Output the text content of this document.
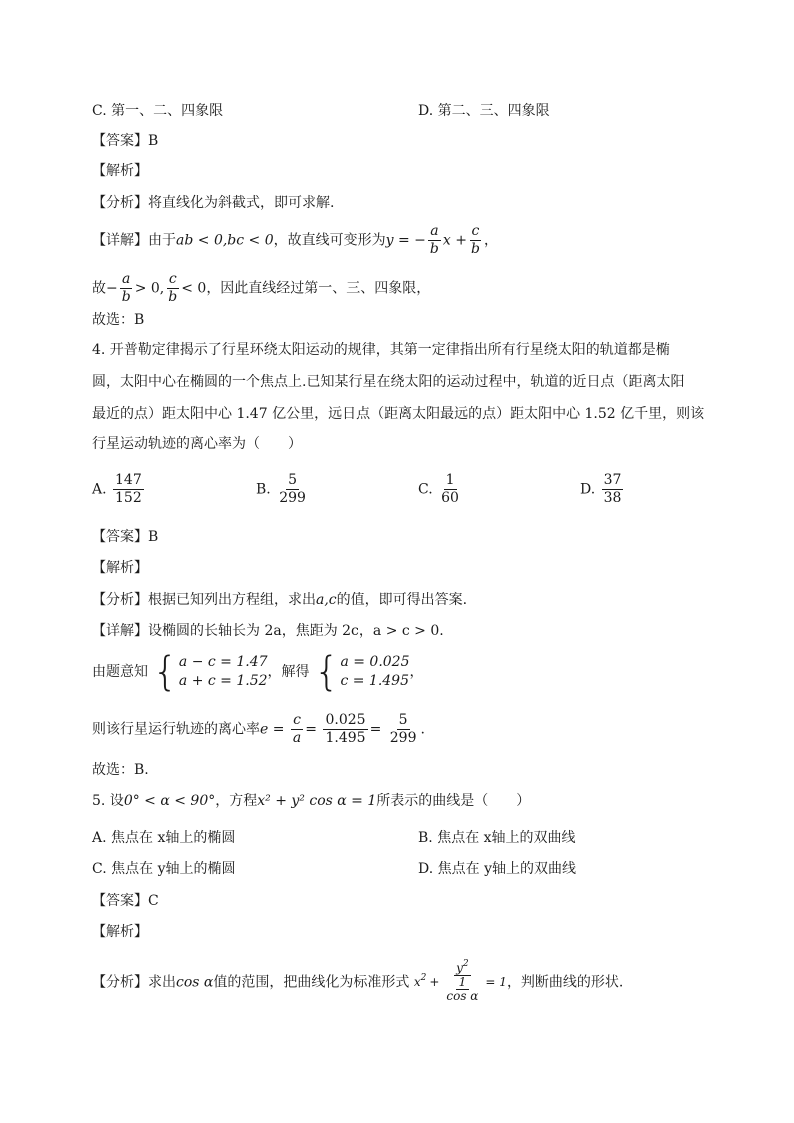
C. 第一、二、四象限	D. 第二、三、四象限
【答案】B
【解析】
【分析】将直线化为斜截式，即可求解.
【详解】由于ab < 0,bc < 0，故直线可变形为y = − $\frac{a}{b}$ $x + \frac{c}{b}$ ，
故− $\frac{a}{b} > 0$, $\frac{c}{b} < 0$，因此直线经过第一、三、四象限，
故选：B
4. 开普勒定律揭示了行星环绕太阳运动的规律，其第一定律指出所有行星绕太阳的轨道都是椭
圆，太阳中心在椭圆的一个焦点上.已知某行星在绕太阳的运动过程中，轨道的近日点（距离太阳
最近的点）距太阳中心 1.47 亿公里，远日点（距离太阳最远的点）距太阳中心 1.52 亿千里，则该
行星运动轨迹的离心率为（　　）
A. $\frac{147}{152}$	B. $\frac{5}{299}$	C. $\frac{1}{60}$	D. $\frac{37}{38}$
【答案】B
【解析】
【分析】根据已知列出方程组，求出a,c的值，即可得出答案.
【详解】设椭圆的长轴长为 2a，焦距为 2c，a > c > 0.
由题意知 { a − c = 1.47
a + c = 1.52
，解得 { a = 0.025
c = 1.495
，
则该行星运行轨迹的离心率$e = \frac{c}{a} = \frac{0.025}{1.495} = \frac{5}{299}$ .
故选：B.
5. 设0° < α < 90°，方程x² + y² cos α = 1所表示的曲线是（　　）
A. 焦点在 x轴上的椭圆	B. 焦点在 x轴上的双曲线
C. 焦点在 y轴上的椭圆	D. 焦点在 y轴上的双曲线
【答案】C
【解析】
【分析】求出cos α值的范围，把曲线化为标准形式 $x^2 + y^2$
1
cos α = 1 ，判断曲线的形状.
